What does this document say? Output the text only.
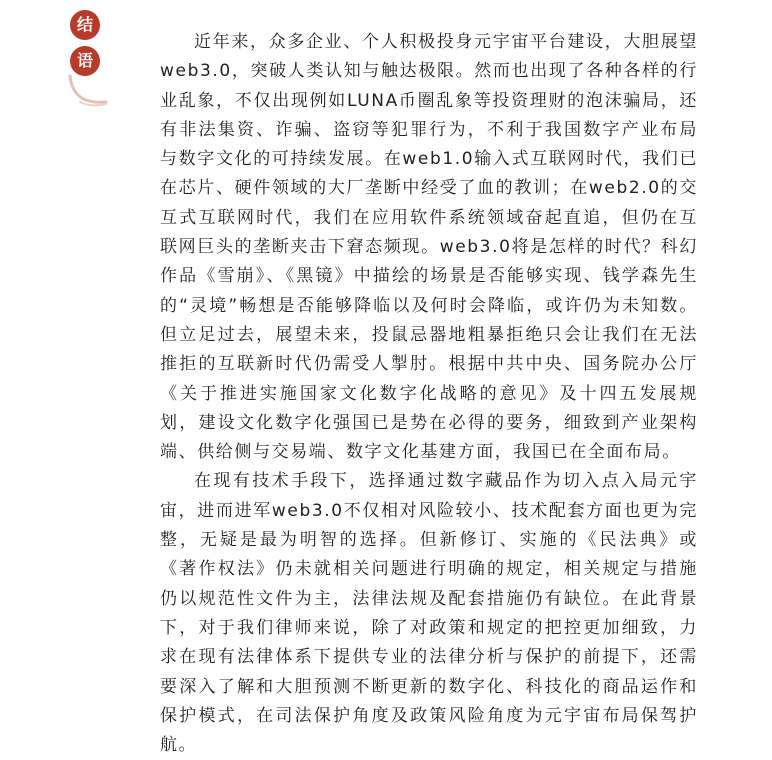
结
语

近年来，众多企业、个人积极投身元宇宙平台建设，大胆展望web3.0，突破人类认知与触达极限。然而也出现了各种各样的行业乱象，不仅出现例如LUNA币圈乱象等投资理财的泡沫骗局，还有非法集资、诈骗、盗窃等犯罪行为，不利于我国数字产业布局与数字文化的可持续发展。在web1.0输入式互联网时代，我们已在芯片、硬件领域的大厂垄断中经受了血的教训；在web2.0的交互式互联网时代，我们在应用软件系统领域奋起直追，但仍在互联网巨头的垄断夹击下窘态频现。web3.0将是怎样的时代？科幻作品《雪崩》、《黑镜》中描绘的场景是否能够实现、钱学森先生的“灵境”畅想是否能够降临以及何时会降临，或许仍为未知数。但立足过去，展望未来，投鼠忌器地粗暴拒绝只会让我们在无法推拒的互联新时代仍需受人掣肘。根据中共中央、国务院办公厅《关于推进实施国家文化数字化战略的意见》及十四五发展规划，建设文化数字化强国已是势在必得的要务，细致到产业架构端、供给侧与交易端、数字文化基建方面，我国已在全面布局。

在现有技术手段下，选择通过数字藏品作为切入点入局元宇宙，进而进军web3.0不仅相对风险较小、技术配套方面也更为完整，无疑是最为明智的选择。但新修订、实施的《民法典》或《著作权法》仍未就相关问题进行明确的规定，相关规定与措施仍以规范性文件为主，法律法规及配套措施仍有缺位。在此背景下，对于我们律师来说，除了对政策和规定的把控更加细致，力求在现有法律体系下提供专业的法律分析与保护的前提下，还需要深入了解和大胆预测不断更新的数字化、科技化的商品运作和保护模式，在司法保护角度及政策风险角度为元宇宙布局保驾护航。
